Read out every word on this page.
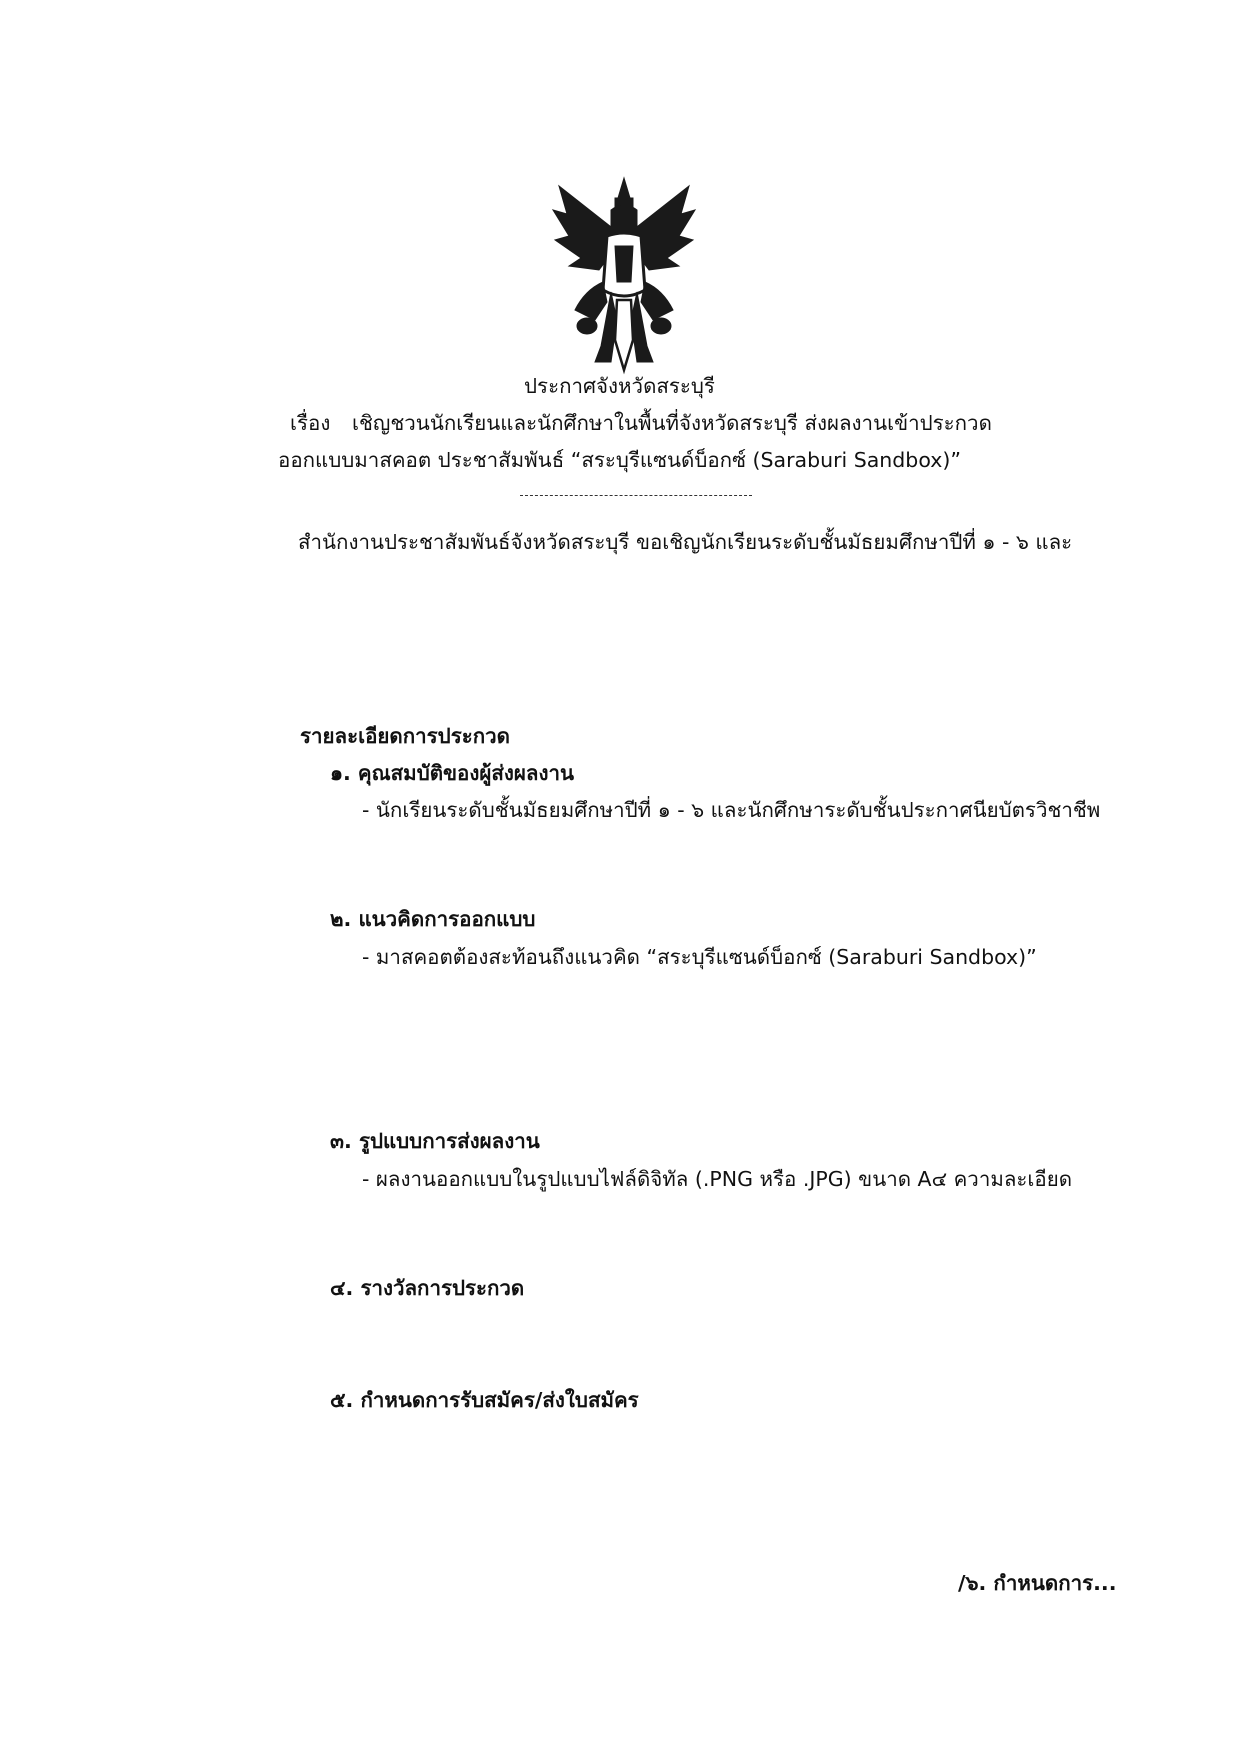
ประกาศจังหวัดสระบุรี
เรื่อง เชิญชวนนักเรียนและนักศึกษาในพื้นที่จังหวัดสระบุรี ส่งผลงานเข้าประกวด
ออกแบบมาสคอต ประชาสัมพันธ์ “สระบุรีแซนด์บ็อกซ์ (Saraburi Sandbox)”
สำนักงานประชาสัมพันธ์จังหวัดสระบุรี ขอเชิญนักเรียนระดับชั้นมัธยมศึกษาปีที่ ๑ - ๖ และ
รายละเอียดการประกวด
๑. คุณสมบัติของผู้ส่งผลงาน
- นักเรียนระดับชั้นมัธยมศึกษาปีที่ ๑ - ๖ และนักศึกษาระดับชั้นประกาศนียบัตรวิชาชีพ
๒. แนวคิดการออกแบบ
- มาสคอตต้องสะท้อนถึงแนวคิด “สระบุรีแซนด์บ็อกซ์ (Saraburi Sandbox)”
๓. รูปแบบการส่งผลงาน
- ผลงานออกแบบในรูปแบบไฟล์ดิจิทัล (.PNG หรือ .JPG) ขนาด A๔ ความละเอียด
๔. รางวัลการประกวด
๕. กำหนดการรับสมัคร/ส่งใบสมัคร
/๖. กำหนดการ...
